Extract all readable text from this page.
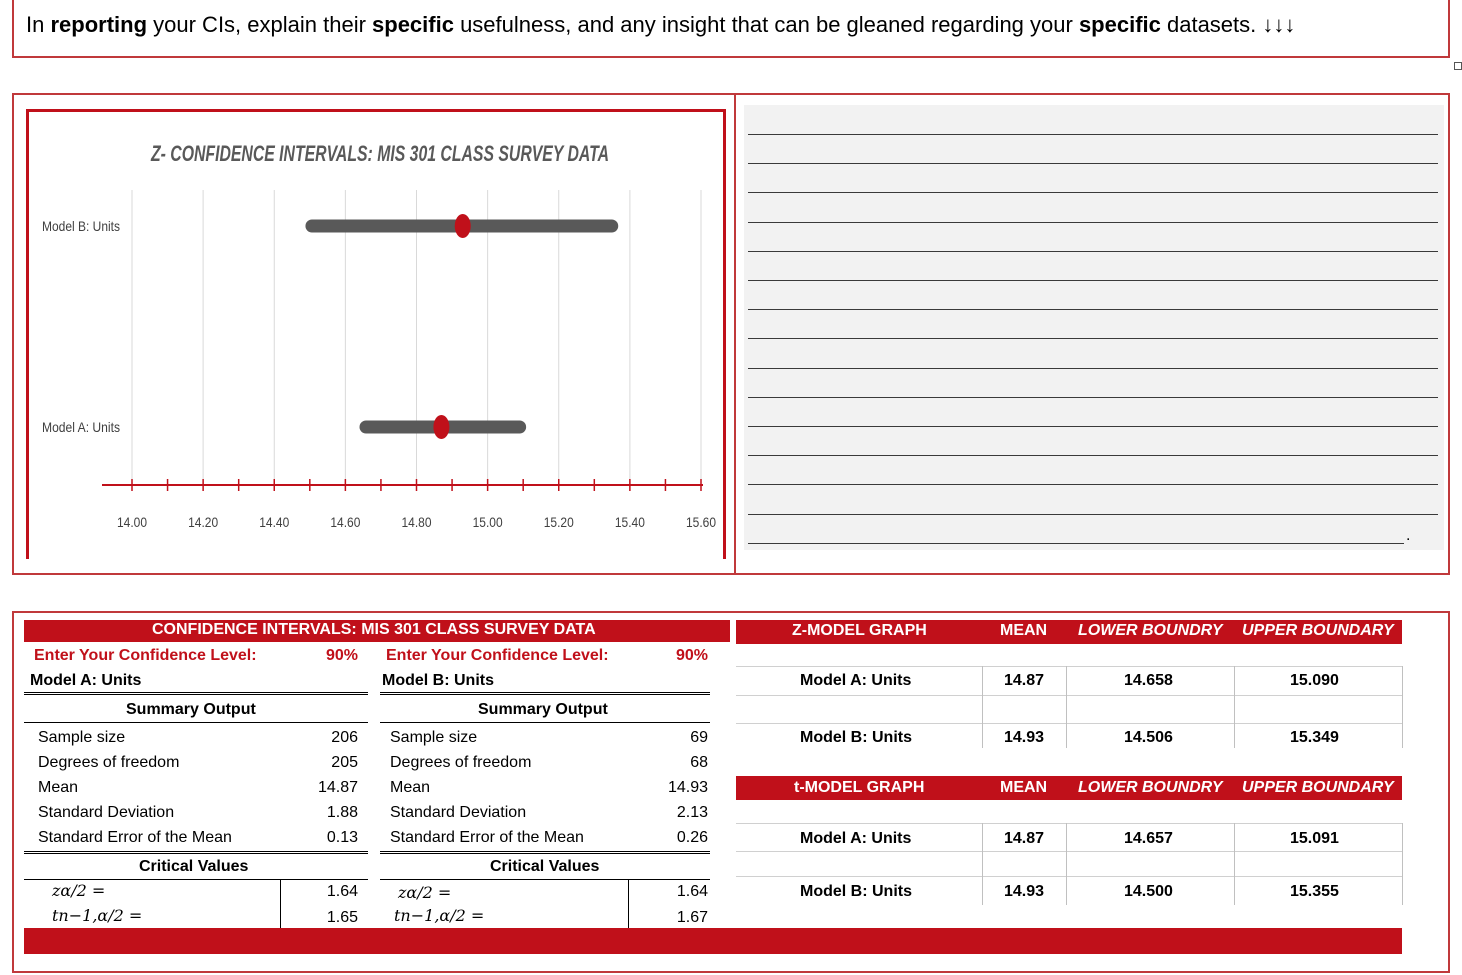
In reporting your CIs, explain their specific usefulness, and any insight that can be gleaned regarding your specific datasets. ↓↓↓
Z- CONFIDENCE INTERVALS: MIS 301 CLASS SURVEY DATA
Model B: Units
Model A: Units
14.00	14.20	14.40	14.60	14.80	15.00	15.20	15.40	15.60
.
CONFIDENCE INTERVALS: MIS 301 CLASS SURVEY DATA
Enter Your Confidence Level:	90% Enter Your Confidence Level:	90%
Model A: Units	Model B: Units
Summary Output	Summary Output
Sample size	206
Degrees of freedom	205
Mean	14.87
Standard Deviation	1.88
Standard Error of the Mean	0.13
Sample size	69
Degrees of freedom	68
Mean	14.93
Standard Deviation	2.13
Standard Error of the Mean	0.26
Critical Values	Critical Values
zα/2 =	1.64
tn−1,α/2 =	1.65
zα/2 =	1.64
tn−1,α/2 =	1.67
Z-MODEL GRAPH	MEAN LOWER BOUNDRY UPPER BOUNDARY
Model A: Units	14.87	14.658	15.090
Model B: Units	14.93	14.506	15.349
t-MODEL GRAPH	MEAN LOWER BOUNDRY UPPER BOUNDARY
Model A: Units	14.87	14.657	15.091
Model B: Units	14.93	14.500	15.355
